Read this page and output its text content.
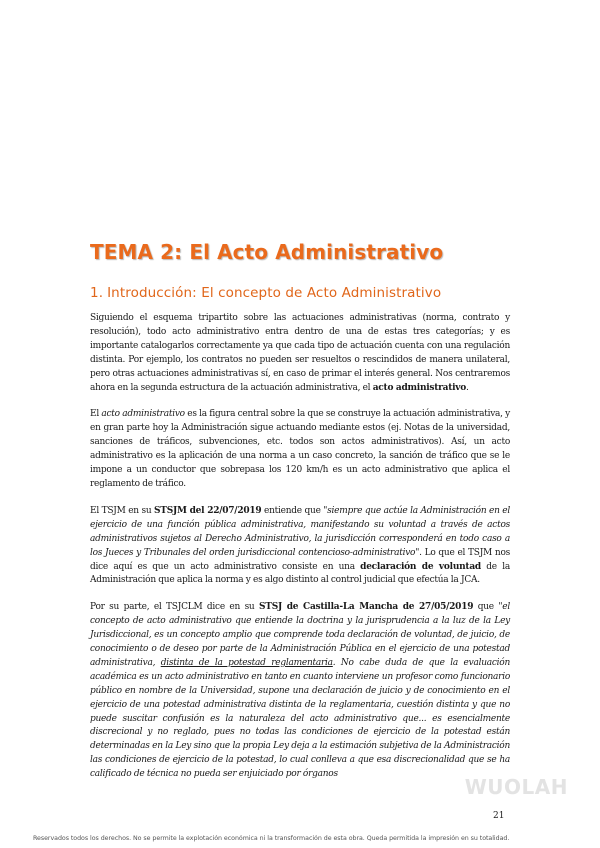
TEMA 2: El Acto Administrativo
1. Introducción: El concepto de Acto Administrativo

Siguiendo el esquema tripartito sobre las actuaciones administrativas (norma, contrato y resolución), todo acto administrativo entra dentro de una de estas tres categorías; y es importante catalogarlos correctamente ya que cada tipo de actuación cuenta con una regulación distinta. Por ejemplo, los contratos no pueden ser resueltos o rescindidos de manera unilateral, pero otras actuaciones administrativas sí, en caso de primar el interés general. Nos centraremos ahora en la segunda estructura de la actuación administrativa, el acto administrativo.

El acto administrativo es la figura central sobre la que se construye la actuación administrativa, y en gran parte hoy la Administración sigue actuando mediante estos (ej. Notas de la universidad, sanciones de tráficos, subvenciones, etc. todos son actos administrativos). Así, un acto administrativo es la aplicación de una norma a un caso concreto, la sanción de tráfico que se le impone a un conductor que sobrepasa los 120 km/h es un acto administrativo que aplica el reglamento de tráfico.

El TSJM en su STSJM del 22/07/2019 entiende que "siempre que actúe la Administración en el ejercicio de una función pública administrativa, manifestando su voluntad a través de actos administrativos sujetos al Derecho Administrativo, la jurisdicción corresponderá en todo caso a los Jueces y Tribunales del orden jurisdiccional contencioso-administrativo". Lo que el TSJM nos dice aquí es que un acto administrativo consiste en una declaración de voluntad de la Administración que aplica la norma y es algo distinto al control judicial que efectúa la JCA.

Por su parte, el TSJCLM dice en su STSJ de Castilla-La Mancha de 27/05/2019 que "el concepto de acto administrativo que entiende la doctrina y la jurisprudencia a la luz de la Ley Jurisdiccional, es un concepto amplio que comprende toda declaración de voluntad, de juicio, de conocimiento o de deseo por parte de la Administración Pública en el ejercicio de una potestad administrativa, distinta de la potestad reglamentaria. No cabe duda de que la evaluación académica es un acto administrativo en tanto en cuanto interviene un profesor como funcionario público en nombre de la Universidad, supone una declaración de juicio y de conocimiento en el ejercicio de una potestad administrativa distinta de la reglamentaria, cuestión distinta y que no puede suscitar confusión es la naturaleza del acto administrativo que... es esencialmente discrecional y no reglado, pues no todas las condiciones de ejercicio de la potestad están determinadas en la Ley sino que la propia Ley deja a la estimación subjetiva de la Administración las condiciones de ejercicio de la potestad, lo cual conlleva a que esa discrecionalidad que se ha calificado de técnica no pueda ser enjuiciado por órganos

WUOLAH
21
Reservados todos los derechos. No se permite la explotación económica ni la transformación de esta obra. Queda permitida la impresión en su totalidad.
